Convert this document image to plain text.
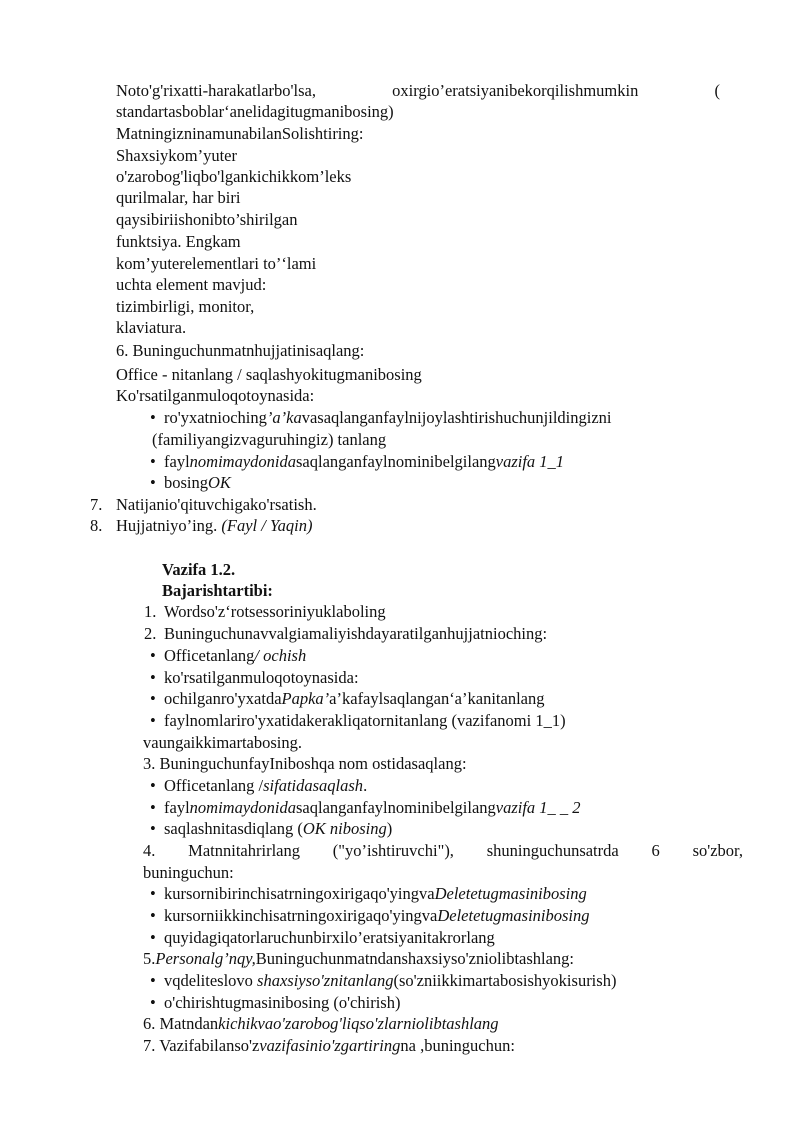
Noto'g'rixatti-harakatlarbo'lsa,	oxirgio’eratsiyanibekorqilishmumkin	(
standartasboblar‘anelidagitugmanibosing)
MatningizninamunabilanSolishtiring:
Shaxsiykom’yuter
o'zarobog'liqbo'lgankichikkom’leks
qurilmalar, har biri
qaysibiriishonibto’shirilgan
funktsiya. Engkam
kom’yuterelementlari to’‘lami
uchta element mavjud:
tizimbirligi, monitor,
klaviatura.
6. Buninguchunmatnhujjatinisaqlang:
Office - nitanlang / saqlashyokitugmanibosing
Ko'rsatilganmuloqotoynasida:
• ro'yxatnioching’a’kavasaqlanganfaylnijoylashtirishuchunjildingizni
(familiyangizvaguruhingiz) tanlang
• faylnomimaydonidasaqlanganfaylnominibelgilangvazifa 1_1
• bosingOK
7. Natijanio'qituvchigako'rsatish.
8. Hujjatniyo’ing. (Fayl / Yaqin)
Vazifa 1.2.
Bajarishtartibi:
1. Wordso'z‘rotsessoriniyuklaboling
2. Buninguchunavvalgiamaliyishdayaratilganhujjatnioching:
• Officetanlang/ ochish
• ko'rsatilganmuloqotoynasida:
• ochilganro'yxatdaPapka’a’kafaylsaqlangan‘a’kanitanlang
• faylnomlariro'yxatidakerakliqatornitanlang (vazifanomi 1_1)
vaungaikkimartabosing.
3. BuninguchunfayIniboshqa nom ostidasaqlang:
• Officetanlang /sifatidasaqlash.
• faylnomimaydonidasaqlanganfaylnominibelgilangvazifa 1_ _ 2
• saqlashnitasdiqlang (OK nibosing)
4. Matnnitahrirlang ("yo’ishtiruvchi"), shuninguchunsatrda 6 so'zbor,
buninguchun:
• kursornibirinchisatrningoxirigaqo'yingvaDeletetugmasinibosing
• kursorniikkinchisatrningoxirigaqo'yingvaDeletetugmasinibosing
• quyidagiqatorlaruchunbirxilo’eratsiyanitakrorlang
5.Personalg’nqy,Buninguchunmatndanshaxsiyso'zniolibtashlang:
• vqdeliteslovo shaxsiyso'znitanlang(so'zniikkimartabosishyokisurish)
• o'chirishtugmasinibosing (o'chirish)
6. Matndankichikvao'zarobog'liqso'zlarniolibtashlang
7. Vazifabilanso'zvazifasinio'zgartiringna ,buninguchun:
